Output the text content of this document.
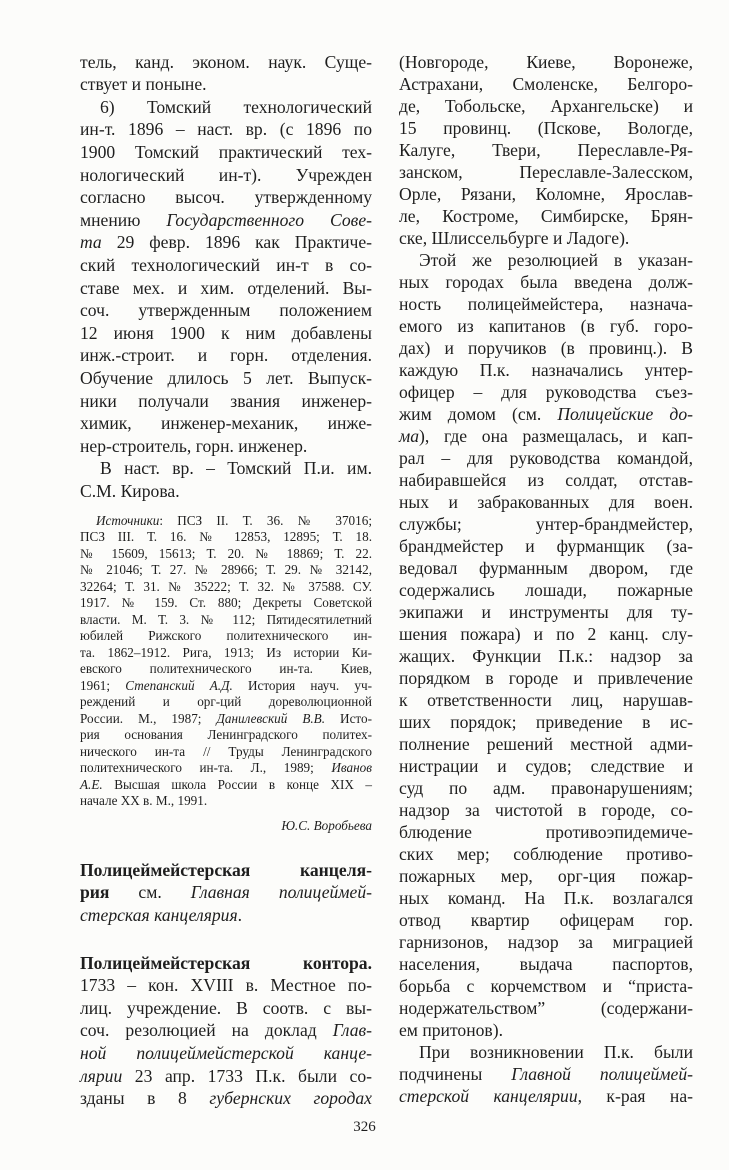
тель, канд. эконом. наук. Суще-
ствует и поныне.
6) Томский технологический
ин-т. 1896 – наст. вр. (с 1896 по
1900 Томский практический тех-
нологический ин-т). Учрежден
согласно высоч. утвержденному
мнению Государственного Сове-
та 29 февр. 1896 как Практиче-
ский технологический ин-т в со-
ставе мех. и хим. отделений. Вы-
соч. утвержденным положением
12 июня 1900 к ним добавлены
инж.-строит. и горн. отделения.
Обучение длилось 5 лет. Выпуск-
ники получали звания инженер-
химик, инженер-механик, инже-
нер-строитель, горн. инженер.
В наст. вр. – Томский П.и. им.
С.М. Кирова.
Источники: ПСЗ II. Т. 36. № 37016;
ПСЗ III. Т. 16. № 12853, 12895; Т. 18.
№ 15609, 15613; Т. 20. № 18869; Т. 22.
№ 21046; Т. 27. № 28966; Т. 29. № 32142,
32264; Т. 31. № 35222; Т. 32. № 37588. СУ.
1917. № 159. Ст. 880; Декреты Советской
власти. М. Т. 3. № 112; Пятидесятилетний
юбилей Рижского политехнического ин-
та. 1862–1912. Рига, 1913; Из истории Ки-
евского политехнического ин-та. Киев,
1961; Степанский А.Д. История науч. уч-
реждений и орг-ций дореволюционной
России. М., 1987; Данилевский В.В. Исто-
рия основания Ленинградского политех-
нического ин-та // Труды Ленинградского
политехнического ин-та. Л., 1989; Иванов
А.Е. Высшая школа России в конце XIX –
начале XX в. М., 1991.
Ю.С. Воробьева
Полицеймейстерская канцеля-
рия см. Главная полицеймей-
стерская канцелярия.
Полицеймейстерская контора.
1733 – кон. XVIII в. Местное по-
лиц. учреждение. В соотв. с вы-
соч. резолюцией на доклад Глав-
ной полицеймейстерской канце-
лярии 23 апр. 1733 П.к. были со-
зданы в 8 губернских городах
(Новгороде, Киеве, Воронеже,
Астрахани, Смоленске, Белгоро-
де, Тобольске, Архангельске) и
15 провинц. (Пскове, Вологде,
Калуге, Твери, Переславле-Ря-
занском, Переславле-Залесском,
Орле, Рязани, Коломне, Ярослав-
ле, Костроме, Симбирске, Брян-
ске, Шлиссельбурге и Ладоге).
Этой же резолюцией в указан-
ных городах была введена долж-
ность полицеймейстера, назнача-
емого из капитанов (в губ. горо-
дах) и поручиков (в провинц.). В
каждую П.к. назначались унтер-
офицер – для руководства съез-
жим домом (см. Полицейские до-
ма), где она размещалась, и кап-
рал – для руководства командой,
набиравшейся из солдат, отстав-
ных и забракованных для воен.
службы; унтер-брандмейстер,
брандмейстер и фурманщик (за-
ведовал фурманным двором, где
содержались лошади, пожарные
экипажи и инструменты для ту-
шения пожара) и по 2 канц. слу-
жащих. Функции П.к.: надзор за
порядком в городе и привлечение
к ответственности лиц, нарушав-
ших порядок; приведение в ис-
полнение решений местной адми-
нистрации и судов; следствие и
суд по адм. правонарушениям;
надзор за чистотой в городе, со-
блюдение противоэпидемиче-
ских мер; соблюдение противо-
пожарных мер, орг-ция пожар-
ных команд. На П.к. возлагался
отвод квартир офицерам гор.
гарнизонов, надзор за миграцией
населения, выдача паспортов,
борьба с корчемством и “приста-
нодержательством” (содержани-
ем притонов).
При возникновении П.к. были
подчинены Главной полицеймей-
стерской канцелярии, к-рая на-
326
